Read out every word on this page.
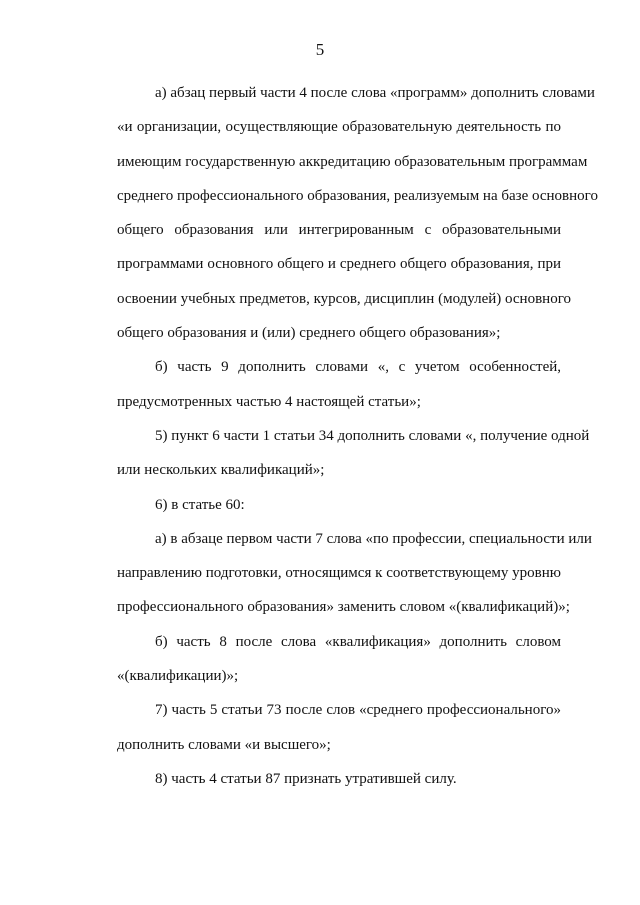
5
а) абзац первый части 4 после слова «программ» дополнить словами
«и организации, осуществляющие образовательную деятельность по
имеющим государственную аккредитацию образовательным программам
среднего профессионального образования, реализуемым на базе основного
общего образования или интегрированным с образовательными
программами основного общего и среднего общего образования, при
освоении учебных предметов, курсов, дисциплин (модулей) основного
общего образования и (или) среднего общего образования»;
б) часть 9 дополнить словами «, с учетом особенностей,
предусмотренных частью 4 настоящей статьи»;
5) пункт 6 части 1 статьи 34 дополнить словами «, получение одной
или нескольких квалификаций»;
6) в статье 60:
а) в абзаце первом части 7 слова «по профессии, специальности или
направлению подготовки, относящимся к соответствующему уровню
профессионального образования» заменить словом «(квалификаций)»;
б) часть 8 после слова «квалификация» дополнить словом
«(квалификации)»;
7) часть 5 статьи 73 после слов «среднего профессионального»
дополнить словами «и высшего»;
8) часть 4 статьи 87 признать утратившей силу.
